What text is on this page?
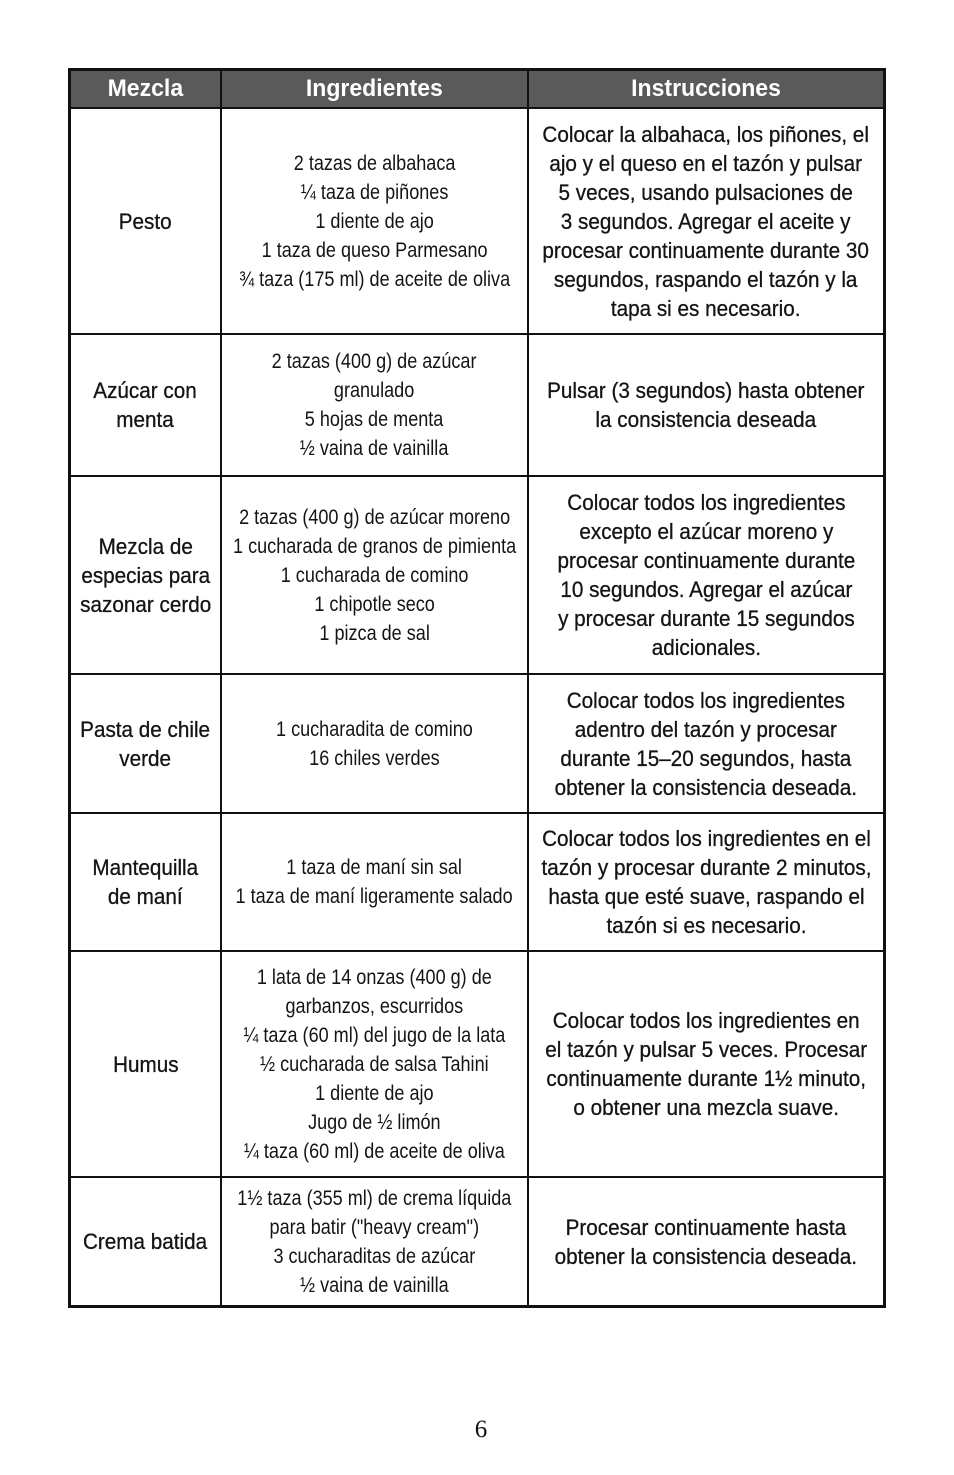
Mezcla	Ingredientes	Instrucciones
Pesto
2 tazas de albahaca
¼ taza de piñones
1 diente de ajo
1 taza de queso Parmesano
¾ taza (175 ml) de aceite de oliva
Colocar la albahaca, los piñones, el
ajo y el queso en el tazón y pulsar
5 veces, usando pulsaciones de
3 segundos. Agregar el aceite y
procesar continuamente durante 30
segundos, raspando el tazón y la
tapa si es necesario.
Azúcar con
menta
2 tazas (400 g) de azúcar
granulado
5 hojas de menta
½ vaina de vainilla
Pulsar (3 segundos) hasta obtener
la consistencia deseada
Mezcla de
especias para
sazonar cerdo
2 tazas (400 g) de azúcar moreno
1 cucharada de granos de pimienta
1 cucharada de comino
1 chipotle seco
1 pizca de sal
Colocar todos los ingredientes
excepto el azúcar moreno y
procesar continuamente durante
10 segundos. Agregar el azúcar
y procesar durante 15 segundos
adicionales.
Pasta de chile
verde
1 cucharadita de comino
16 chiles verdes
Colocar todos los ingredientes
adentro del tazón y procesar
durante 15–20 segundos, hasta
obtener la consistencia deseada.
Mantequilla
de maní
1 taza de maní sin sal
1 taza de maní ligeramente salado
Colocar todos los ingredientes en el
tazón y procesar durante 2 minutos,
hasta que esté suave, raspando el
tazón si es necesario.
Humus
1 lata de 14 onzas (400 g) de
garbanzos, escurridos
¼ taza (60 ml) del jugo de la lata
½ cucharada de salsa Tahini
1 diente de ajo
Jugo de ½ limón
¼ taza (60 ml) de aceite de oliva
Colocar todos los ingredientes en
el tazón y pulsar 5 veces. Procesar
continuamente durante 1½ minuto,
o obtener una mezcla suave.
Crema batida
1½ taza (355 ml) de crema líquida
para batir ("heavy cream")
3 cucharaditas de azúcar
½ vaina de vainilla
Procesar continuamente hasta
obtener la consistencia deseada.
6
